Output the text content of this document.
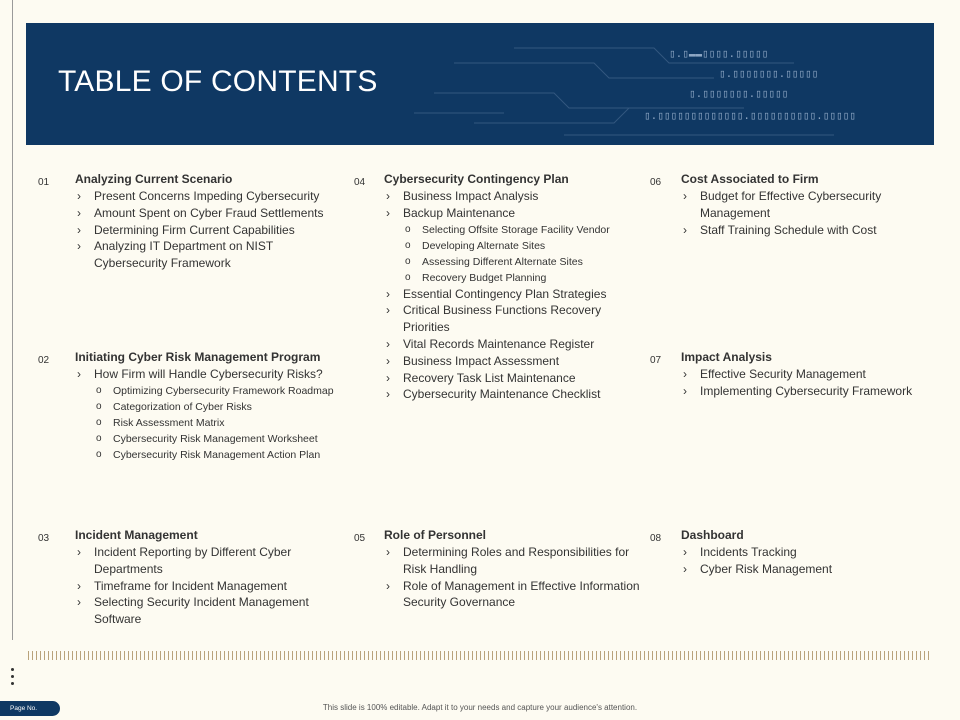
TABLE OF CONTENTS
▯.▯▬▬▯▯▯▯.▯▯▯▯▯
▯.▯▯▯▯▯▯▯.▯▯▯▯▯
▯.▯▯▯▯▯▯▯.▯▯▯▯▯
▯.▯▯▯▯▯▯▯▯▯▯▯▯▯.▯▯▯▯▯▯▯▯▯▯.▯▯▯▯▯
01 Analyzing Current Scenario
› Present Concerns Impeding Cybersecurity
› Amount Spent on Cyber Fraud Settlements
› Determining Firm Current Capabilities
› Analyzing IT Department on NIST Cybersecurity Framework
02 Initiating Cyber Risk Management Program
› How Firm will Handle Cybersecurity Risks?
o Optimizing Cybersecurity Framework Roadmap
o Categorization of Cyber Risks
o Risk Assessment Matrix
o Cybersecurity Risk Management Worksheet
o Cybersecurity Risk Management Action Plan
03 Incident Management
› Incident Reporting by Different Cyber Departments
› Timeframe for Incident Management
› Selecting Security Incident Management Software
04 Cybersecurity Contingency Plan
› Business Impact Analysis
› Backup Maintenance
o Selecting Offsite Storage Facility Vendor
o Developing Alternate Sites
o Assessing Different Alternate Sites
o Recovery Budget Planning
› Essential Contingency Plan Strategies
› Critical Business Functions Recovery Priorities
› Vital Records Maintenance Register
› Business Impact Assessment
› Recovery Task List Maintenance
› Cybersecurity Maintenance Checklist
05 Role of Personnel
› Determining Roles and Responsibilities for Risk Handling
› Role of Management in Effective Information Security Governance
06 Cost Associated to Firm
› Budget for Effective Cybersecurity Management
› Staff Training Schedule with Cost
07 Impact Analysis
› Effective Security Management
› Implementing Cybersecurity Framework
08 Dashboard
› Incidents Tracking
› Cyber Risk Management
Page No.	This slide is 100% editable. Adapt it to your needs and capture your audience's attention.
